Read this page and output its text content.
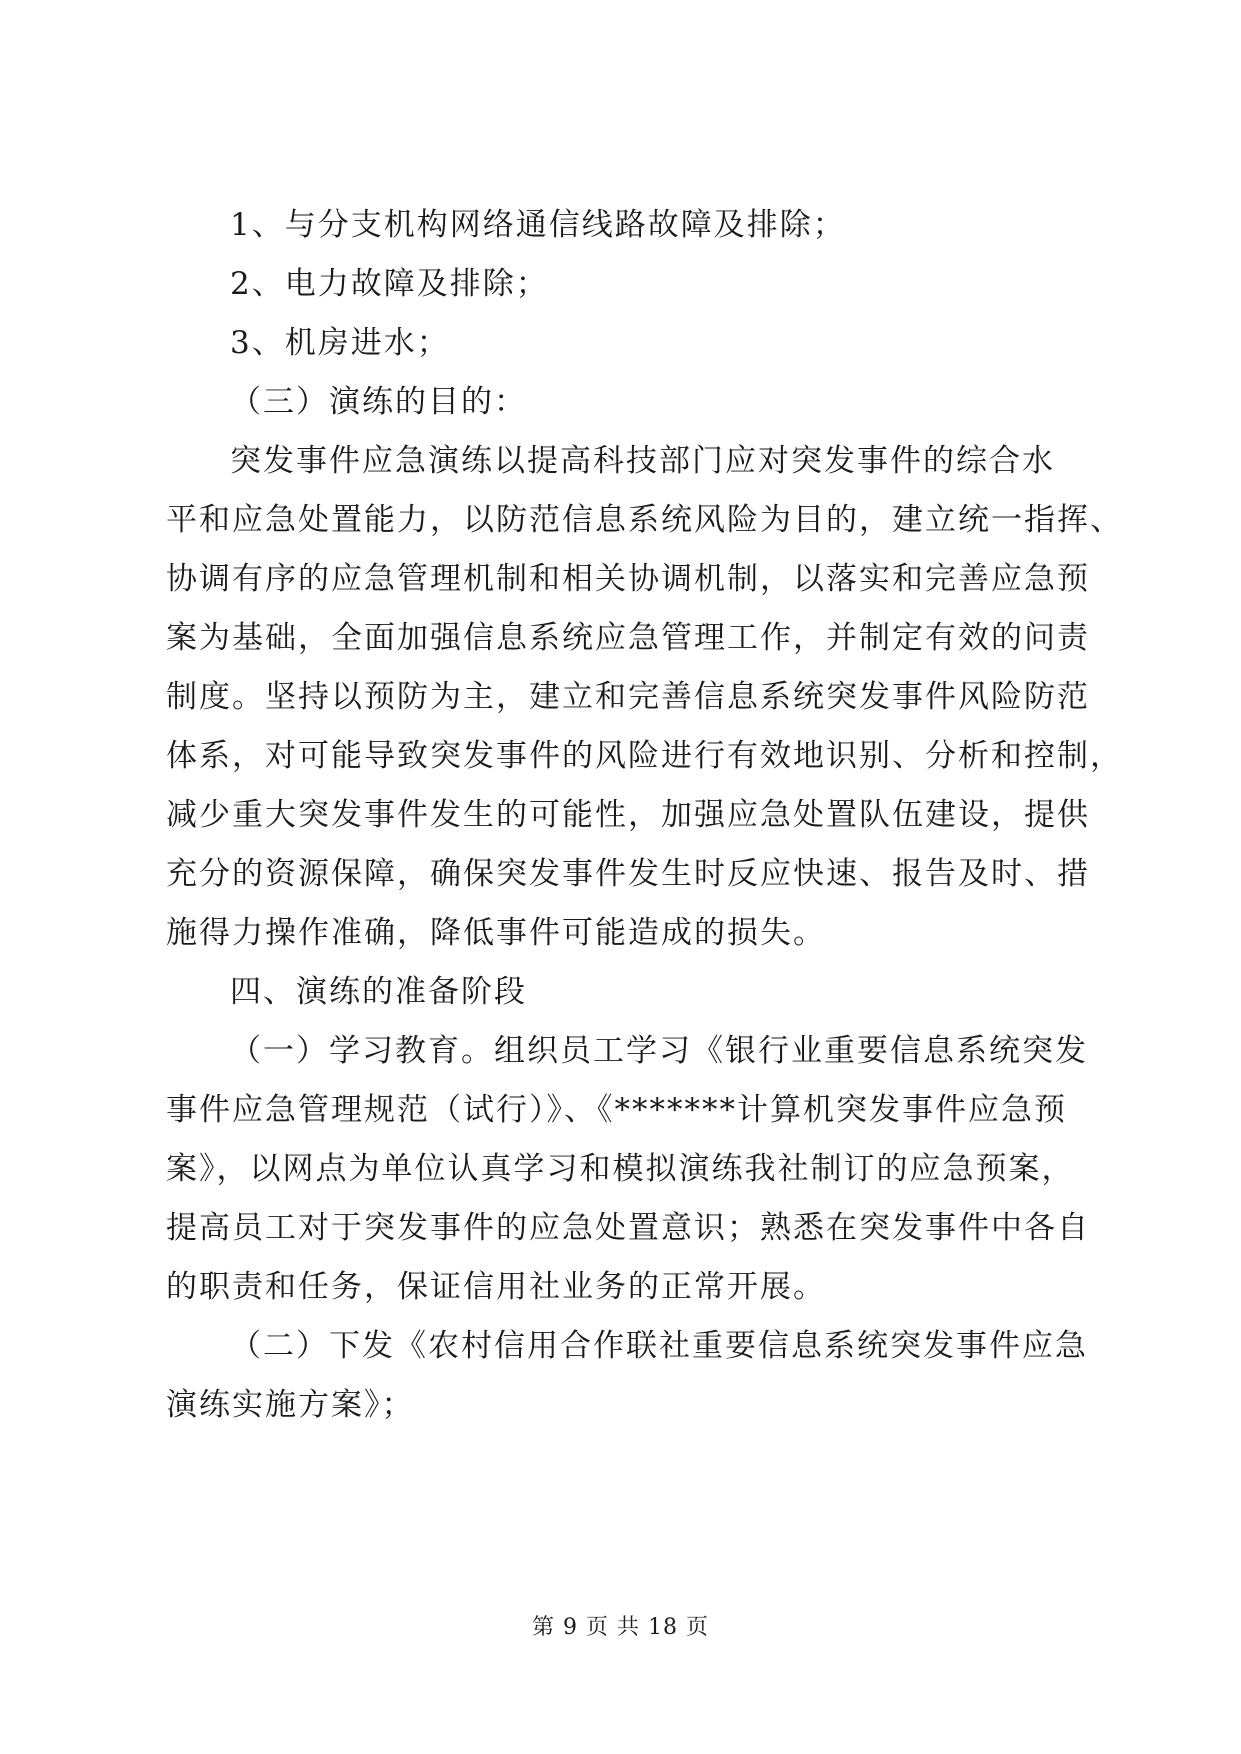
1、与分支机构网络通信线路故障及排除；
2、电力故障及排除；
3、机房进水；
（三）演练的目的：
突发事件应急演练以提高科技部门应对突发事件的综合水
平和应急处置能力，以防范信息系统风险为目的，建立统一指挥、
协调有序的应急管理机制和相关协调机制，以落实和完善应急预
案为基础，全面加强信息系统应急管理工作，并制定有效的问责
制度。坚持以预防为主，建立和完善信息系统突发事件风险防范
体系，对可能导致突发事件的风险进行有效地识别、分析和控制，
减少重大突发事件发生的可能性，加强应急处置队伍建设，提供
充分的资源保障，确保突发事件发生时反应快速、报告及时、措
施得力操作准确，降低事件可能造成的损失。
四、演练的准备阶段
（一）学习教育。组织员工学习《银行业重要信息系统突发
事件应急管理规范（试行）》、《*******计算机突发事件应急预
案》，以网点为单位认真学习和模拟演练我社制订的应急预案，
提高员工对于突发事件的应急处置意识；熟悉在突发事件中各自
的职责和任务，保证信用社业务的正常开展。
（二）下发《农村信用合作联社重要信息系统突发事件应急
演练实施方案》；
第 9 页 共 18 页
